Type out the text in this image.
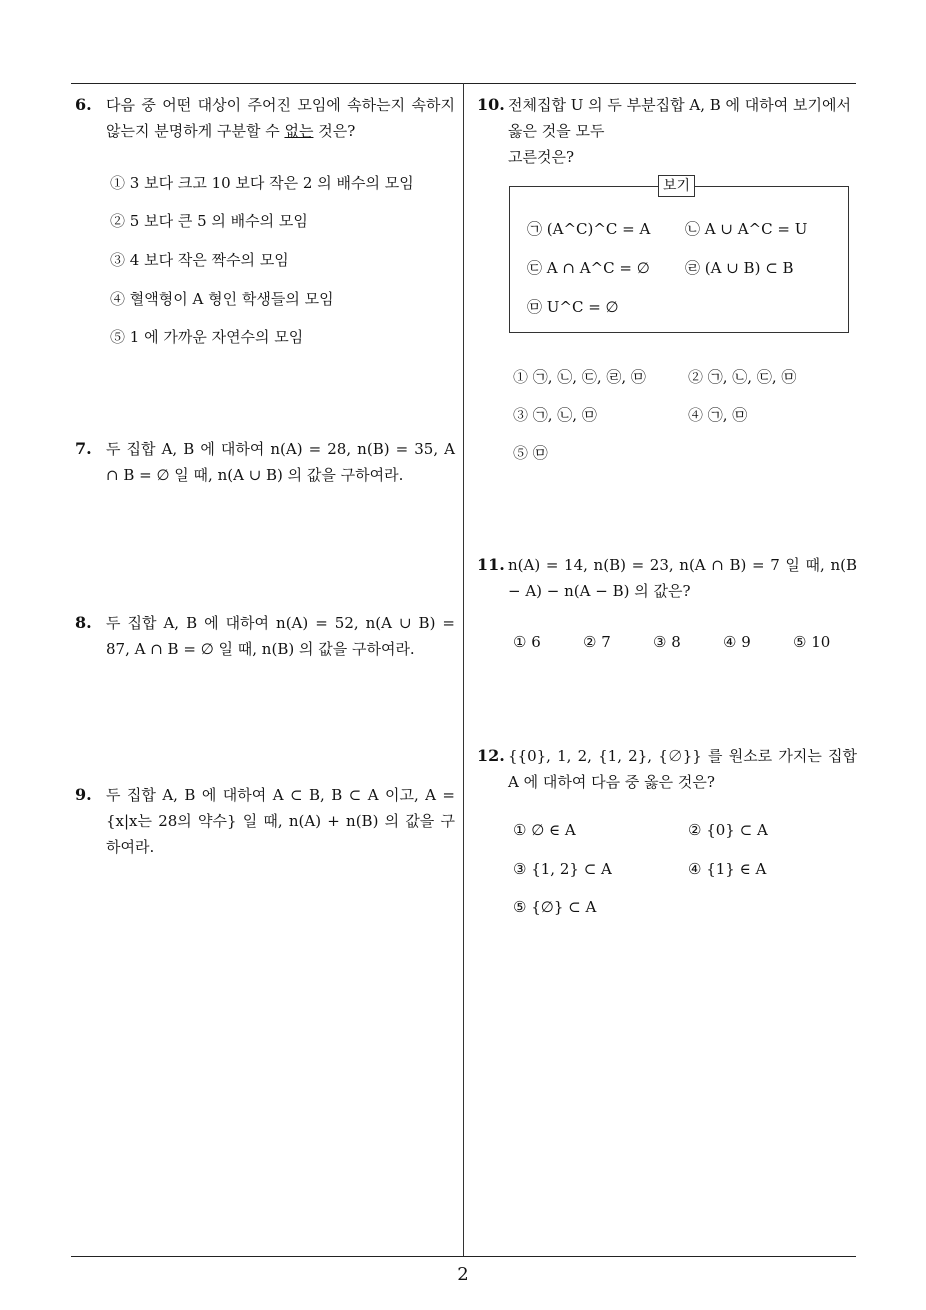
6. 다음 중 어떤 대상이 주어진 모임에 속하는지 속하지 않는지 분명하게 구분할 수 없는 것은?
① 3 보다 크고 10 보다 작은 2 의 배수의 모임
② 5 보다 큰 5 의 배수의 모임
③ 4 보다 작은 짝수의 모임
④ 혈액형이 A 형인 학생들의 모임
⑤ 1 에 가까운 자연수의 모임
7. 두 집합 A, B 에 대하여 n(A) = 28, n(B) = 35, A ∩ B = ∅ 일 때, n(A ∪ B) 의 값을 구하여라.
8. 두 집합 A, B 에 대하여 n(A) = 52, n(A ∪ B) = 87, A ∩ B = ∅ 일 때, n(B) 의 값을 구하여라.
9. 두 집합 A, B 에 대하여 A ⊂ B, B ⊂ A 이고, A = {x|x는 28의 약수} 일 때, n(A) + n(B) 의 값을 구하여라.
10. 전체집합 U 의 두 부분집합 A, B 에 대하여 보기에서
옳은 것을 모두
고른것은?
보기
㉠ (A^C)^C = A ㉡ A ∪ A^C = U
㉢ A ∩ A^C = ∅ ㉣ (A ∪ B) ⊂ B
㉤ U^C = ∅
① ㉠, ㉡, ㉢, ㉣, ㉤	② ㉠, ㉡, ㉢, ㉤
③ ㉠, ㉡, ㉤	④ ㉠, ㉤
⑤ ㉤
11. n(A) = 14, n(B) = 23, n(A ∩ B) = 7 일 때, n(B − A) − n(A − B) 의 값은?
① 6	② 7	③ 8	④ 9	⑤ 10
12. {{0}, 1, 2, {1, 2}, {∅}} 를 원소로 가지는 집합 A 에 대하여 다음 중 옳은 것은?
① ∅ ∈ A	② {0} ⊂ A
③ {1, 2} ⊂ A	④ {1} ∈ A
⑤ {∅} ⊂ A
2
